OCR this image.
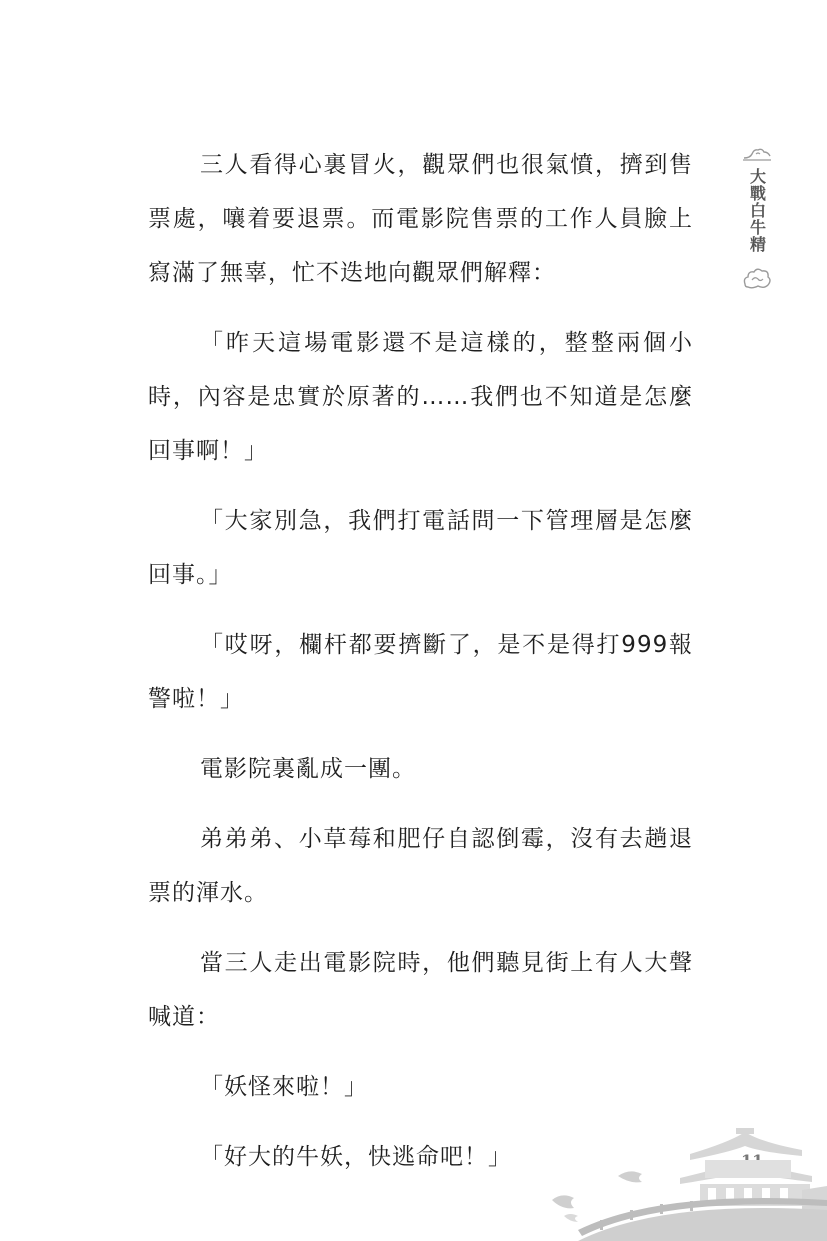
三人看得心裏冒火，觀眾們也很氣憤，擠到售票處，嚷着要退票。而電影院售票的工作人員臉上寫滿了無辜，忙不迭地向觀眾們解釋：

「昨天這場電影還不是這樣的，整整兩個小時，內容是忠實於原著的……我們也不知道是怎麼回事啊！」

「大家別急，我們打電話問一下管理層是怎麼回事。」

「哎呀，欄杆都要擠斷了，是不是得打999報警啦！」

電影院裏亂成一團。

弟弟弟、小草莓和肥仔自認倒霉，沒有去趟退票的渾水。

當三人走出電影院時，他們聽見街上有人大聲喊道：

「妖怪來啦！」

「好大的牛妖，快逃命吧！」

大戰白牛精
